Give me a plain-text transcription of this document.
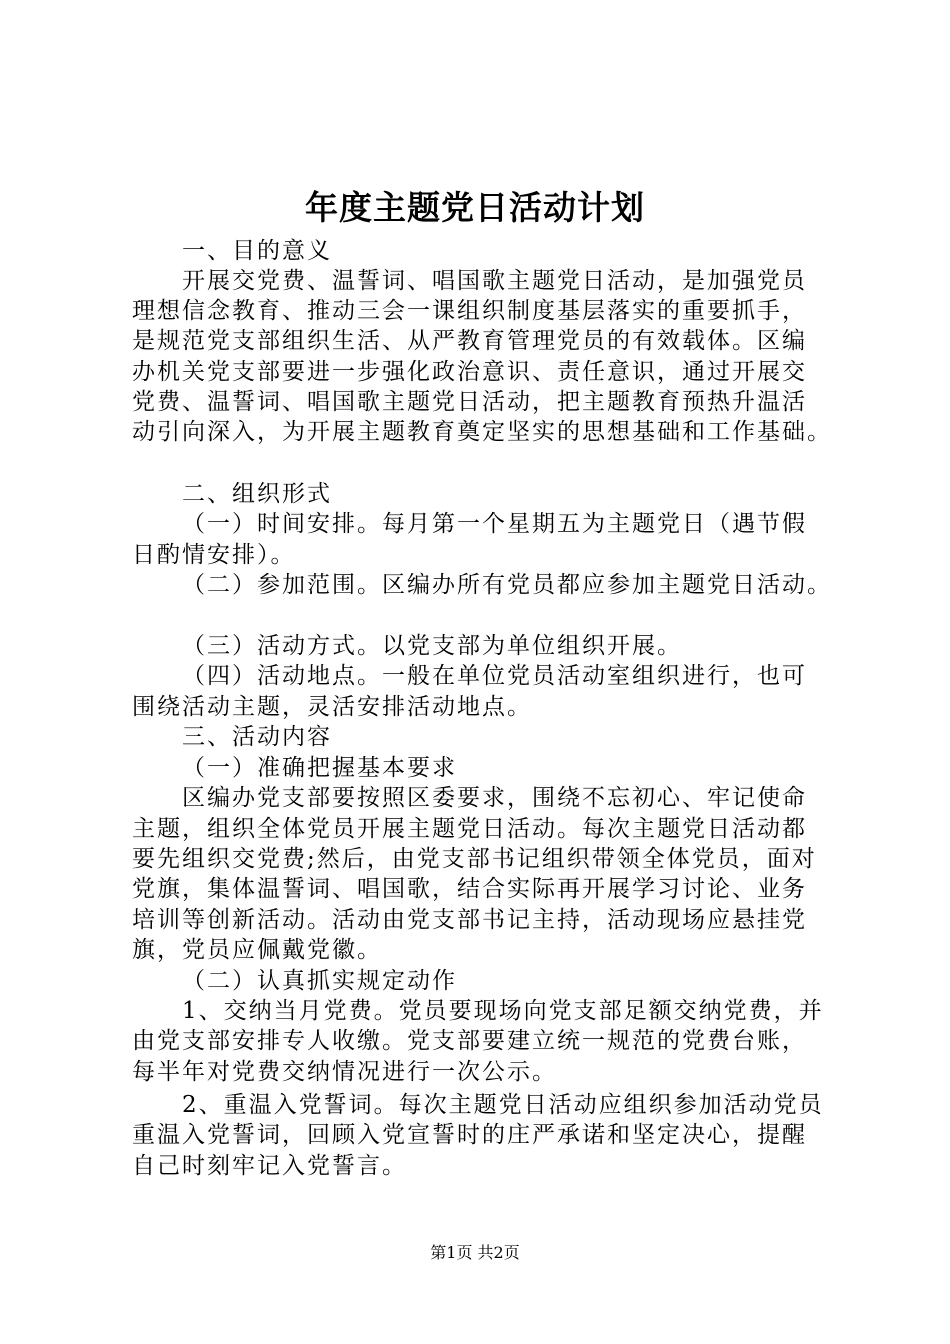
年度主题党日活动计划
一、目的意义
开展交党费、温誓词、唱国歌主题党日活动，是加强党员
理想信念教育、推动三会一课组织制度基层落实的重要抓手，
是规范党支部组织生活、从严教育管理党员的有效载体。区编
办机关党支部要进一步强化政治意识、责任意识，通过开展交
党费、温誓词、唱国歌主题党日活动，把主题教育预热升温活
动引向深入，为开展主题教育奠定坚实的思想基础和工作基础。
二、组织形式
（一）时间安排。每月第一个星期五为主题党日（遇节假
日酌情安排）。
（二）参加范围。区编办所有党员都应参加主题党日活动。
（三）活动方式。以党支部为单位组织开展。
（四）活动地点。一般在单位党员活动室组织进行，也可
围绕活动主题，灵活安排活动地点。
三、活动内容
（一）准确把握基本要求
区编办党支部要按照区委要求，围绕不忘初心、牢记使命
主题，组织全体党员开展主题党日活动。每次主题党日活动都
要先组织交党费;然后，由党支部书记组织带领全体党员，面对
党旗，集体温誓词、唱国歌，结合实际再开展学习讨论、业务
培训等创新活动。活动由党支部书记主持，活动现场应悬挂党
旗，党员应佩戴党徽。
（二）认真抓实规定动作
1、交纳当月党费。党员要现场向党支部足额交纳党费，并
由党支部安排专人收缴。党支部要建立统一规范的党费台账，
每半年对党费交纳情况进行一次公示。
2、重温入党誓词。每次主题党日活动应组织参加活动党员
重温入党誓词，回顾入党宣誓时的庄严承诺和坚定决心，提醒
自己时刻牢记入党誓言。
第1页 共2页
